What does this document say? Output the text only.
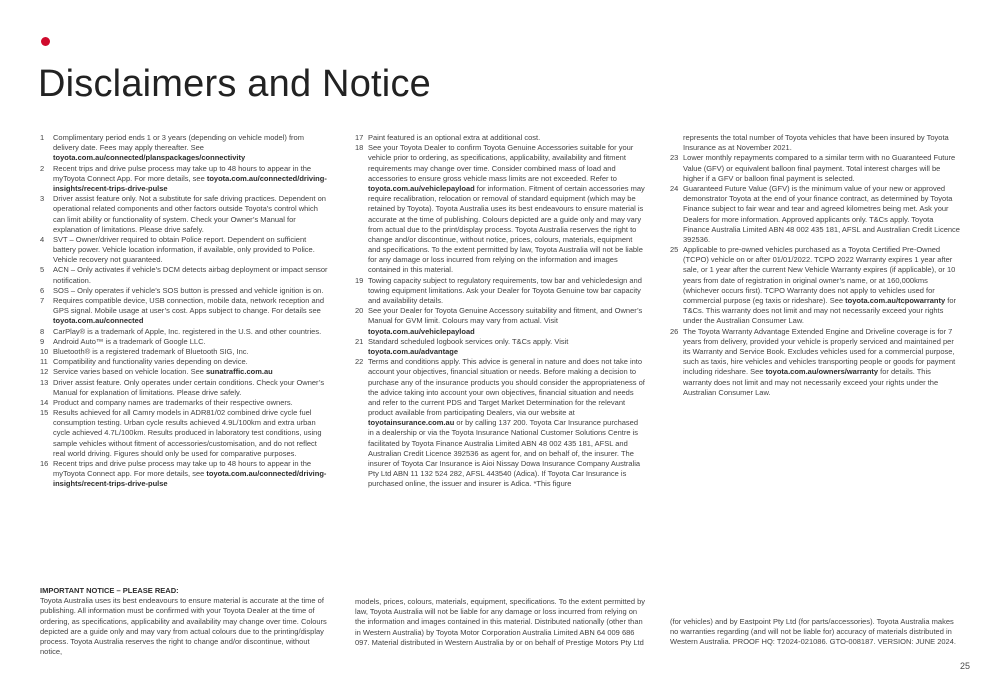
Disclaimers and Notice
1	Complimentary period ends 1 or 3 years (depending on vehicle model) from delivery date. Fees may apply thereafter. See toyota.com.au/connected/planspackages/connectivity
2	Recent trips and drive pulse process may take up to 48 hours to appear in the myToyota Connect App. For more details, see toyota.com.au/connected/driving-insights/recent-trips-drive-pulse
3	Driver assist feature only. Not a substitute for safe driving practices. Dependent on operational related components and other factors outside Toyota’s control which can limit ability or functionality of system. Check your Owner’s Manual for explanation of limitations. Please drive safely.
4	SVT – Owner/driver required to obtain Police report. Dependent on sufficient battery power. Vehicle location information, if available, only provided to Police. Vehicle recovery not guaranteed.
5	ACN – Only activates if vehicle’s DCM detects airbag deployment or impact sensor notification.
6	SOS – Only operates if vehicle’s SOS button is pressed and vehicle ignition is on.
7	Requires compatible device, USB connection, mobile data, network reception and GPS signal. Mobile usage at user’s cost. Apps subject to change. For details see toyota.com.au/connected
8	CarPlay® is a trademark of Apple, Inc. registered in the U.S. and other countries.
9	Android Auto™ is a trademark of Google LLC.
10 Bluetooth® is a registered trademark of Bluetooth SIG, Inc.
11 Compatibility and functionality varies depending on device.
12 Service varies based on vehicle location. See sunatraffic.com.au
13 Driver assist feature. Only operates under certain conditions. Check your Owner’s Manual for explanation of limitations. Please drive safely.
14 Product and company names are trademarks of their respective owners.
15 Results achieved for all Camry models in ADR81/02 combined drive cycle fuel consumption testing. Urban cycle results achieved 4.9L/100km and extra urban cycle achieved 4.7L/100km. Results produced in laboratory test conditions, using sample vehicles without fitment of accessories/customisation, and do not reflect real world driving. Figures should only be used for comparative purposes.
16 Recent trips and drive pulse process may take up to 48 hours to appear in the myToyota Connect app. For more details, see toyota.com.au/connected/driving-insights/recent-trips-drive-pulse
17 Paint featured is an optional extra at additional cost.
18 See your Toyota Dealer to confirm Toyota Genuine Accessories suitable for your vehicle prior to ordering, as specifications, applicability, availability and fitment requirements may change over time. Consider combined mass of load and accessories to ensure gross vehicle mass limits are not exceeded. Refer to toyota.com.au/vehiclepayload for information. Fitment of certain accessories may require recalibration, relocation or removal of standard equipment (which may be retained by Toyota). Toyota Australia uses its best endeavours to ensure material is accurate at the time of publishing. Colours depicted are a guide only and may vary from actual due to the print/display process. Toyota Australia reserves the right to change and/or discontinue, without notice, prices, colours, materials, equipment and specifications. To the extent permitted by law, Toyota Australia will not be liable for any damage or loss incurred from relying on the information and images contained in this material.
19 Towing capacity subject to regulatory requirements, tow bar and vehicledesign and towing equipment limitations. Ask your Dealer for Toyota Genuine tow bar capacity and availability details.
20 See your Dealer for Toyota Genuine Accessory suitability and fitment, and Owner’s Manual for GVM limit. Colours may vary from actual. Visit toyota.com.au/vehiclepayload
21 Standard scheduled logbook services only. T&Cs apply. Visit toyota.com.au/advantage
22 Terms and conditions apply. This advice is general in nature and does not take into account your objectives, financial situation or needs. Before making a decision to purchase any of the insurance products you should consider the appropriateness of the advice taking into account your own objectives, financial situation and needs and refer to the current PDS and Target Market Determination for the relevant product available from participating Dealers, via our website at toyotainsurance.com.au or by calling 137 200. Toyota Car Insurance purchased in a dealership or via the Toyota Insurance National Customer Solutions Centre is facilitated by Toyota Finance Australia Limited ABN 48 002 435 181, AFSL and Australian Credit Licence 392536 as agent for, and on behalf of, the insurer. The insurer of Toyota Car Insurance is Aioi Nissay Dowa Insurance Company Australia Pty Ltd ABN 11 132 524 282, AFSL 443540 (Adica). If Toyota Car Insurance is purchased online, the issuer and insurer is Adica. *This figure
represents the total number of Toyota vehicles that have been insured by Toyota Insurance as at November 2021.
23 Lower monthly repayments compared to a similar term with no Guaranteed Future Value (GFV) or equivalent balloon final payment. Total interest charges will be higher if a GFV or balloon final payment is selected.
24 Guaranteed Future Value (GFV) is the minimum value of your new or approved demonstrator Toyota at the end of your finance contract, as determined by Toyota Finance subject to fair wear and tear and agreed kilometres being met. Ask your Dealers for more information. Approved applicants only. T&Cs apply. Toyota Finance Australia Limited ABN 48 002 435 181, AFSL and Australian Credit Licence 392536.
25 Applicable to pre-owned vehicles purchased as a Toyota Certified Pre-Owned (TCPO) vehicle on or after 01/01/2022. TCPO 2022 Warranty expires 1 year after sale, or 1 year after the current New Vehicle Warranty expires (if applicable), or 10 years from date of registration in original owner’s name, or at 160,000kms (whichever occurs first). TCPO Warranty does not apply to vehicles used for commercial purpose (eg taxis or rideshare). See toyota.com.au/tcpowarranty for T&Cs. This warranty does not limit and may not necessarily exceed your rights under the Australian Consumer Law.
26 The Toyota Warranty Advantage Extended Engine and Driveline coverage is for 7 years from delivery, provided your vehicle is properly serviced and maintained per its Warranty and Service Book. Excludes vehicles used for a commercial purpose, such as taxis, hire vehicles and vehicles transporting people or goods for payment including rideshare. See toyota.com.au/owners/warranty for details. This warranty does not limit and may not necessarily exceed your rights under the Australian Consumer Law.
IMPORTANT NOTICE – PLEASE READ:
Toyota Australia uses its best endeavours to ensure material is accurate at the time of publishing. All information must be confirmed with your Toyota Dealer at the time of ordering, as specifications, applicability and availability may change over time. Colours depicted are a guide only and may vary from actual colours due to the printing/display process. Toyota Australia reserves the right to change and/or discontinue, without notice,
models, prices, colours, materials, equipment, specifications. To the extent permitted by law, Toyota Australia will not be liable for any damage or loss incurred from relying on the information and images contained in this material. Distributed nationally (other than in Western Australia) by Toyota Motor Corporation Australia Limited ABN 64 009 686 097. Material distributed in Western Australia by or on behalf of Prestige Motors Pty Ltd
(for vehicles) and by Eastpoint Pty Ltd (for parts/accessories). Toyota Australia makes no warranties regarding (and will not be liable for) accuracy of materials distributed in Western Australia. PROOF HQ: T2024-021086. GTO-008187. VERSION: JUNE 2024.
25
